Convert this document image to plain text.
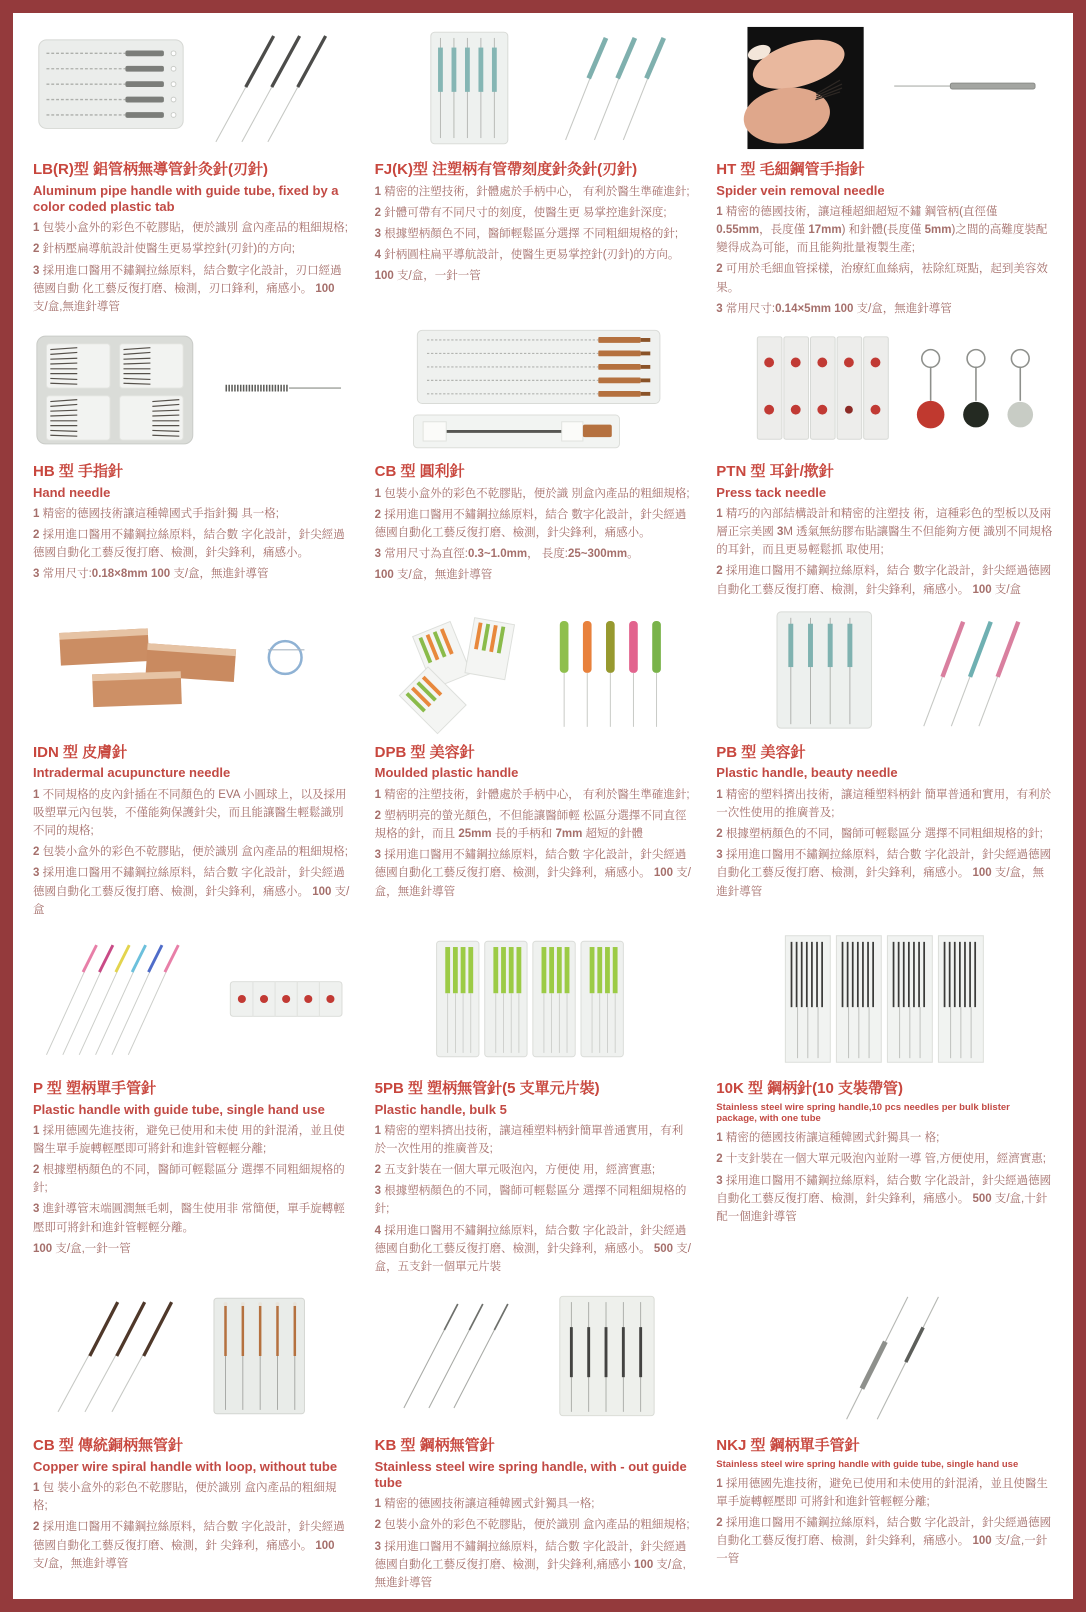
LB(R)型 鋁管柄無導管針灸針(刃針)
Aluminum pipe handle with guide tube, fixed by a color coded plastic tab

1 包裝小盒外的彩色不乾膠貼，便於識別 盒內產品的粗細規格;

2 針柄壓扁導航設計使醫生更易掌控針(刃針)的方向;

3 採用進口醫用不鏽鋼拉絲原料，結合數字化設計，刃口經過德國自動 化工藝反復打磨、檢測，刃口鋒利，痛感小。 100 支/盒,無進針導管

FJ(K)型 注塑柄有管帶刻度針灸針(刃針)

1 精密的注塑技術，針體處於手柄中心， 有利於醫生準確進針;

2 針體可帶有不同尺寸的刻度，使醫生更 易掌控進針深度;

3 根據塑柄顏色不同，醫師輕鬆區分選擇 不同粗細規格的針;

4 針柄圓柱扁平導航設計，使醫生更易掌控針(刃針)的方向。

100 支/盒，一針一管

HT 型 毛細鋼管手指針
Spider vein removal needle

1 精密的德國技術，讓這種超細超短不鏽 鋼管柄(直徑僅 0.55mm，長度僅 17mm) 和針體(長度僅 5mm)之間的高難度裝配 變得成為可能，而且能夠批量複製生產;

2 可用於毛細血管採樣，治療紅血絲病，袪除紅斑點，起到美容效果。

3 常用尺寸:0.14×5mm 100 支/盒，無進針導管

HB 型 手指針
Hand needle

1 精密的德國技術讓這種韓國式手指針獨 具一格;

2 採用進口醫用不鏽鋼拉絲原料，結合數 字化設計，針尖經過德國自動化工藝反復打磨、檢測，針尖鋒利，痛感小。

3 常用尺寸:0.18×8mm 100 支/盒，無進針導管

CB 型 圓利針

1 包裝小盒外的彩色不乾膠貼，便於識 別盒內產品的粗細規格;

2 採用進口醫用不鏽鋼拉絲原料，結合 數字化設計，針尖經過德國自動化工藝反復打磨、檢測，針尖鋒利，痛感小。

3 常用尺寸為直徑:0.3~1.0mm， 長度:25~300mm。

100 支/盒，無進針導管

PTN 型 耳針/揿針
Press tack needle

1 精巧的內部結構設計和精密的注塑技 術，這種彩色的型板以及兩層正宗美國 3M 透氣無紡膠布貼讓醫生不但能夠方便 識別不同規格的耳針，而且更易輕鬆抓 取使用;

2 採用進口醫用不鏽鋼拉絲原料，結合 數字化設計，針尖經過德國自動化工藝反復打磨、檢測，針尖鋒利，痛感小。 100 支/盒

IDN 型 皮膚針
Intradermal acupuncture needle

1 不同規格的皮內針插在不同顏色的 EVA 小圓球上，以及採用吸塑單元內包裝，不僅能夠保護針尖，而且能讓醫生輕鬆識別 不同的規格;

2 包裝小盒外的彩色不乾膠貼，便於識別 盒內產品的粗細規格;

3 採用進口醫用不鏽鋼拉絲原料，結合數 字化設計，針尖經過德國自動化工藝反復打磨、檢測，針尖鋒利，痛感小。 100 支/盒

DPB 型 美容針
Moulded plastic handle

1 精密的注塑技術，針體處於手柄中心， 有利於醫生準確進針;

2 塑柄明亮的螢光顏色，不但能讓醫師輕 松區分選擇不同直徑規格的針，而且 25mm 長的手柄和 7mm 超短的針體

3 採用進口醫用不鏽鋼拉絲原料，結合數 字化設計，針尖經過德國自動化工藝反復打磨、檢測，針尖鋒利，痛感小。 100 支/盒，無進針導管

PB 型 美容針
Plastic handle, beauty needle

1 精密的塑料擠出技術，讓這種塑料柄針 簡單普通和實用，有利於一次性使用的推廣普及;

2 根據塑柄顏色的不同，醫師可輕鬆區分 選擇不同粗細規格的針;

3 採用進口醫用不鏽鋼拉絲原料，結合數 字化設計，針尖經過德國自動化工藝反復打磨、檢測，針尖鋒利，痛感小。 100 支/盒，無進針導管

P 型 塑柄單手管針
Plastic handle with guide tube, single hand use

1 採用德國先進技術，避免已使用和未使 用的針混淆，並且使醫生單手旋轉輕壓即可將針和進針管輕輕分離;

2 根據塑柄顏色的不同，醫師可輕鬆區分 選擇不同粗細規格的針;

3 進針導管末端圓潤無毛刺，醫生使用非 常簡便，單手旋轉輕壓即可將針和進針管輕輕分離。

100 支/盒,一針一管

5PB 型 塑柄無管針(5 支單元片裝)
Plastic handle, bulk 5

1 精密的塑料擠出技術，讓這種塑料柄針簡單普通實用，有利於一次性用的推廣普及;

2 五支針裝在一個大單元吸泡內，方便使 用，經濟實惠;

3 根據塑柄顏色的不同，醫師可輕鬆區分 選擇不同粗細規格的針;

4 採用進口醫用不鏽鋼拉絲原料，結合數 字化設計，針尖經過德國自動化工藝反復打磨、檢測，針尖鋒利，痛感小。 500 支/盒，五支針一個單元片裝

10K 型 鋼柄針(10 支裝帶管)
Stainless steel wire spring handle,10 pcs needles per bulk blister package, with one tube

1 精密的德國技術讓這種韓國式針獨具一 格;

2 十支針裝在一個大單元吸泡內並附一導 管,方便使用，經濟實惠;

3 採用進口醫用不鏽鋼拉絲原料，結合數 字化設計，針尖經過德國自動化工藝反復打磨、檢測，針尖鋒利，痛感小。 500 支/盒,十針配一個進針導管

CB 型 傳統銅柄無管針
Copper wire spiral handle with loop, without tube

1 包 裝小盒外的彩色不乾膠貼，便於識別 盒內產品的粗細規格;

2 採用進口醫用不鏽鋼拉絲原料，結合數 字化設計，針尖經過德國自動化工藝反復打磨、檢測，針 尖鋒利，痛感小。 100 支/盒，無進針導管

KB 型 鋼柄無管針
Stainless steel wire spring handle, with - out guide tube

1 精密的德國技術讓這種韓國式針獨具一格;

2 包裝小盒外的彩色不乾膠貼，便於識別 盒內產品的粗細規格;

3 採用進口醫用不鏽鋼拉絲原料，結合數 字化設計，針尖經過德國自動化工藝反復打磨、檢測，針尖鋒利,痛感小 100 支/盒,無進針導管

NKJ 型 鋼柄單手管針
Stainless steel wire spring handle with guide tube, single hand use

1 採用德國先進技術，避免已使用和未使用的針混淆，並且使醫生單手旋轉輕壓即 可將針和進針管輕輕分離;

2 採用進口醫用不鏽鋼拉絲原料，結合數 字化設計，針尖經過德國自動化工藝反復打磨、檢測，針尖鋒利，痛感小。 100 支/盒,一針一管
